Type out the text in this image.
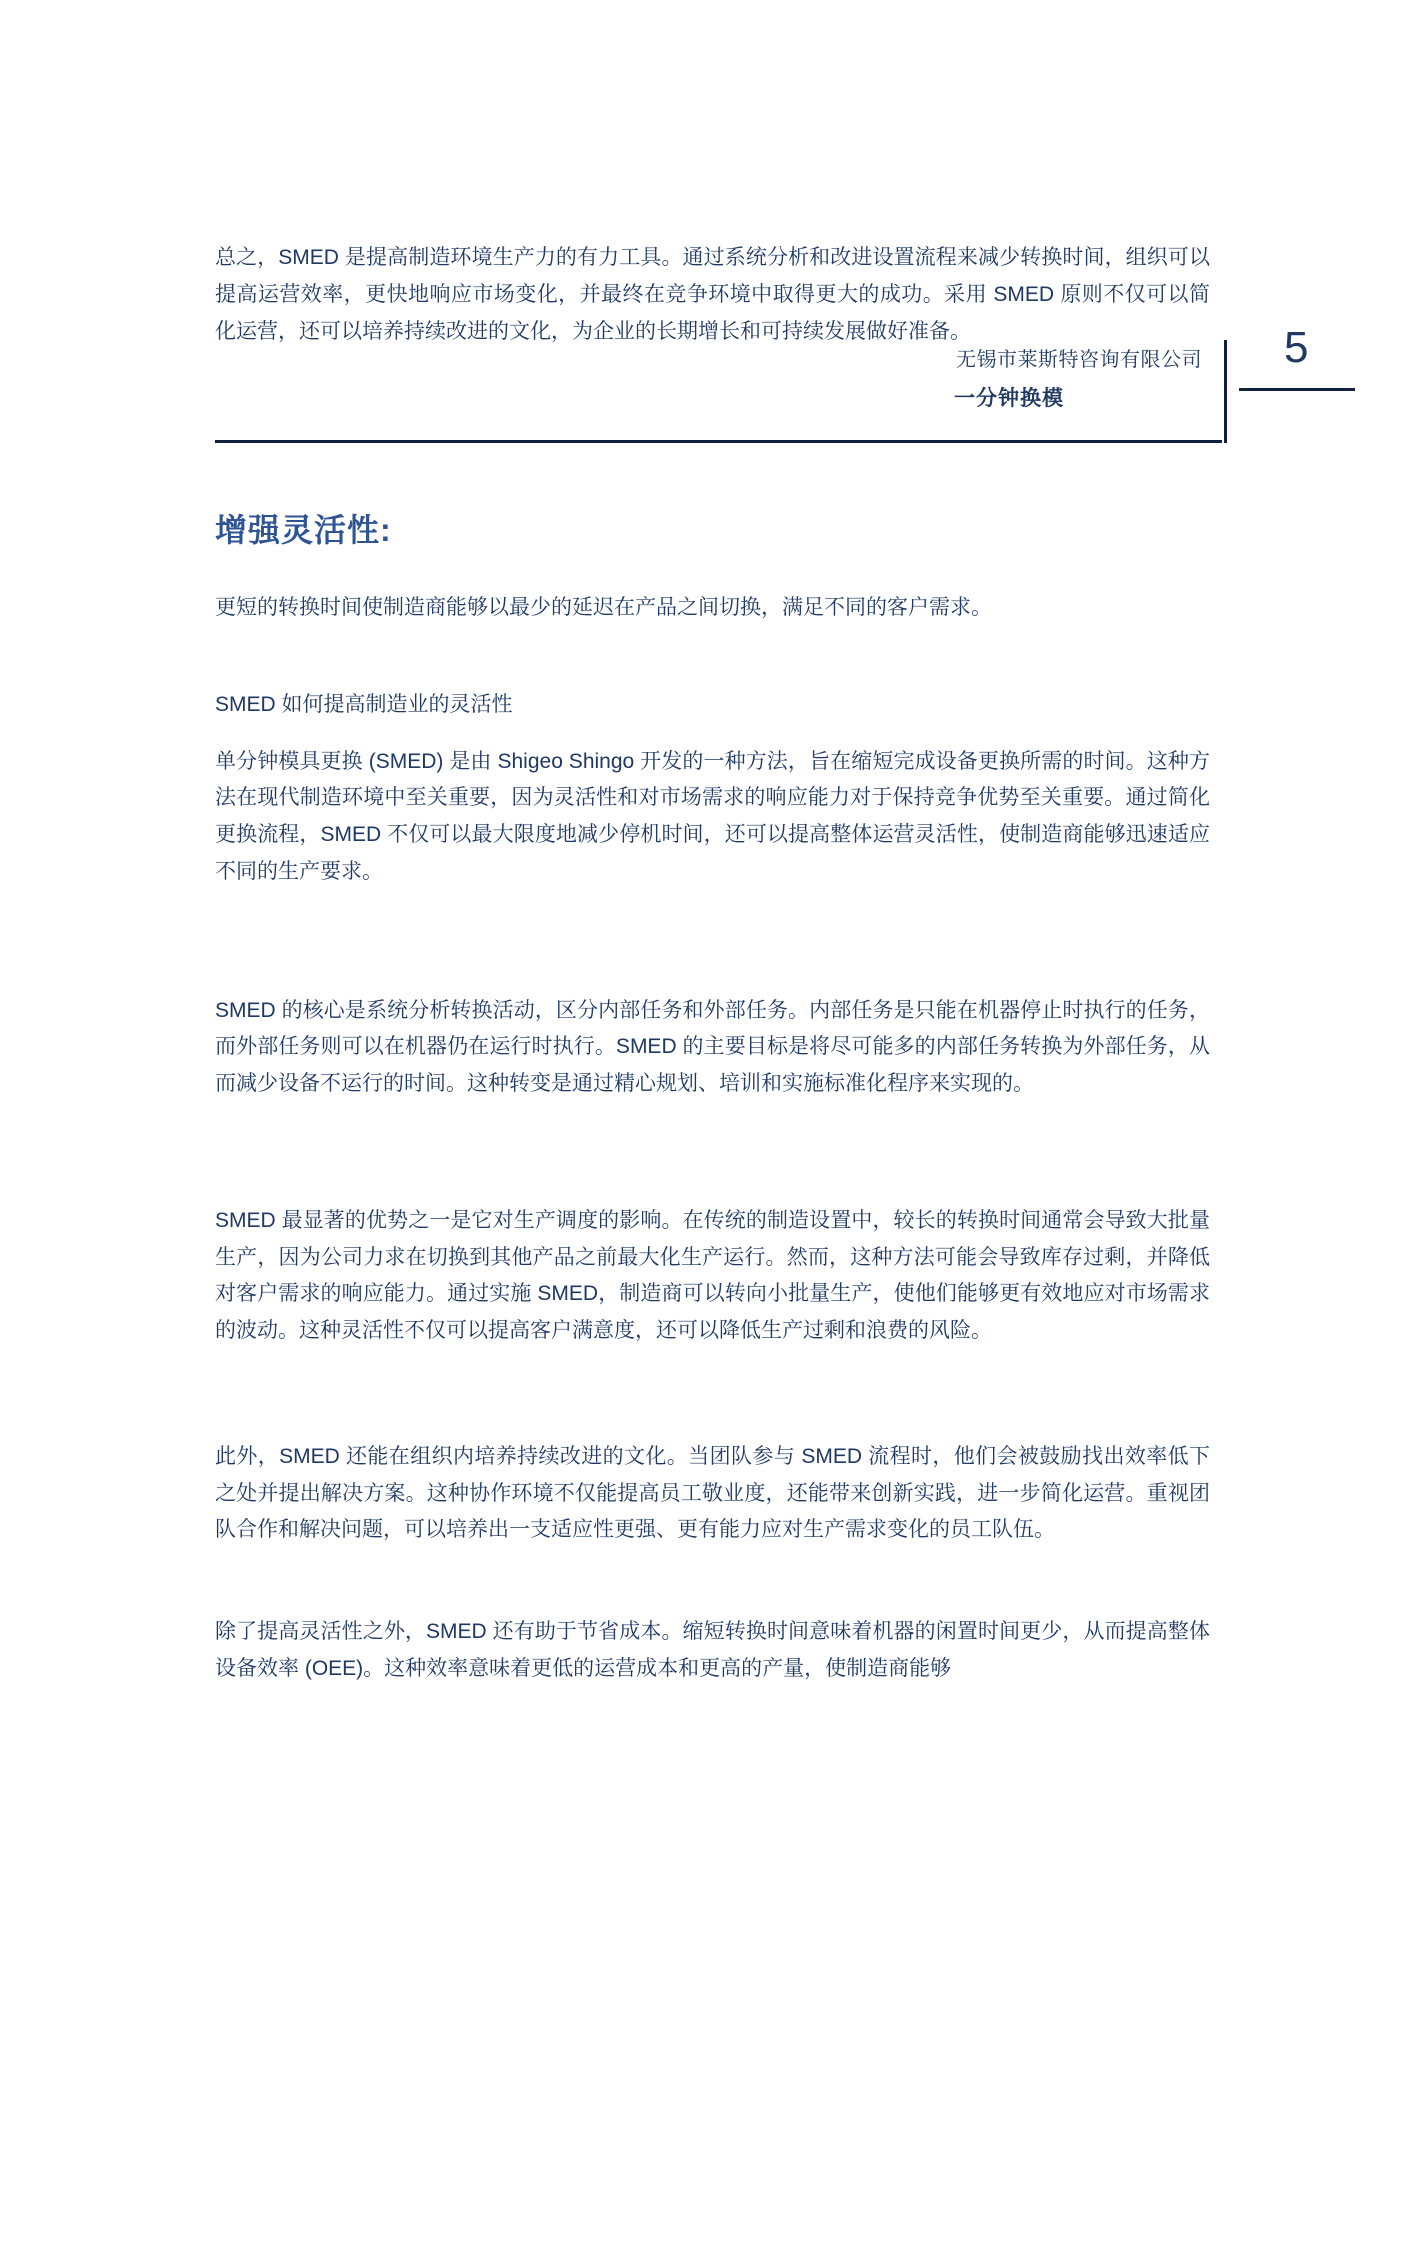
无锡市莱斯特咨询有限公司
一分钟换模
5

总之，SMED 是提高制造环境生产力的有力工具。通过系统分析和改进设置流程来减少转换时间，组织可以提高运营效率，更快地响应市场变化，并最终在竞争环境中取得更大的成功。采用 SMED 原则不仅可以简化运营，还可以培养持续改进的文化，为企业的长期增长和可持续发展做好准备。

增强灵活性:

更短的转换时间使制造商能够以最少的延迟在产品之间切换，满足不同的客户需求。

SMED 如何提高制造业的灵活性

单分钟模具更换 (SMED) 是由 Shigeo Shingo 开发的一种方法，旨在缩短完成设备更换所需的时间。这种方法在现代制造环境中至关重要，因为灵活性和对市场需求的响应能力对于保持竞争优势至关重要。通过简化更换流程，SMED 不仅可以最大限度地减少停机时间，还可以提高整体运营灵活性，使制造商能够迅速适应不同的生产要求。

SMED 的核心是系统分析转换活动，区分内部任务和外部任务。内部任务是只能在机器停止时执行的任务，而外部任务则可以在机器仍在运行时执行。SMED 的主要目标是将尽可能多的内部任务转换为外部任务，从而减少设备不运行的时间。这种转变是通过精心规划、培训和实施标准化程序来实现的。

SMED 最显著的优势之一是它对生产调度的影响。在传统的制造设置中，较长的转换时间通常会导致大批量生产，因为公司力求在切换到其他产品之前最大化生产运行。然而，这种方法可能会导致库存过剩，并降低对客户需求的响应能力。通过实施 SMED，制造商可以转向小批量生产，使他们能够更有效地应对市场需求的波动。这种灵活性不仅可以提高客户满意度，还可以降低生产过剩和浪费的风险。

此外，SMED 还能在组织内培养持续改进的文化。当团队参与 SMED 流程时，他们会被鼓励找出效率低下之处并提出解决方案。这种协作环境不仅能提高员工敬业度，还能带来创新实践，进一步简化运营。重视团队合作和解决问题，可以培养出一支适应性更强、更有能力应对生产需求变化的员工队伍。

除了提高灵活性之外，SMED 还有助于节省成本。缩短转换时间意味着机器的闲置时间更少，从而提高整体设备效率 (OEE)。这种效率意味着更低的运营成本和更高的产量，使制造商能够
